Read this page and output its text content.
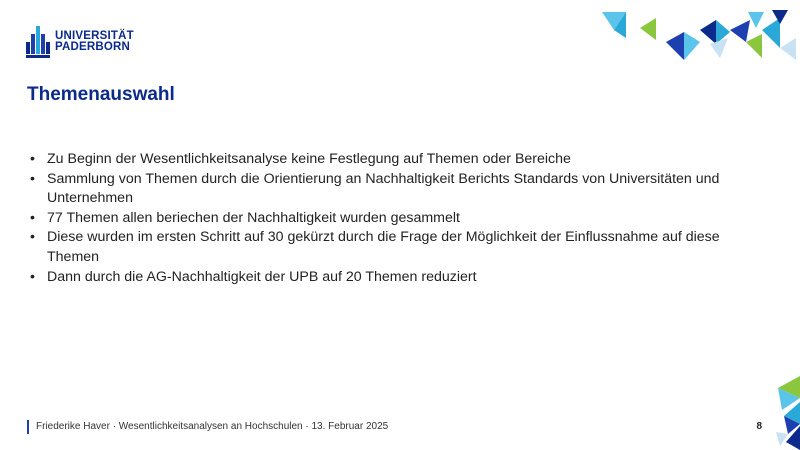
UNIVERSITÄT
PADERBORN
Themenauswahl
• Zu Beginn der Wesentlichkeitsanalyse keine Festlegung auf Themen oder Bereiche
• Sammlung von Themen durch die Orientierung an Nachhaltigkeit Berichts Standards von Universitäten und Unternehmen
• 77 Themen allen beriechen der Nachhaltigkeit wurden gesammelt
• Diese wurden im ersten Schritt auf 30 gekürzt durch die Frage der Möglichkeit der Einflussnahme auf diese Themen
• Dann durch die AG-Nachhaltigkeit der UPB auf 20 Themen reduziert
Friederike Haver · Wesentlichkeitsanalysen an Hochschulen · 13. Februar 2025	8
